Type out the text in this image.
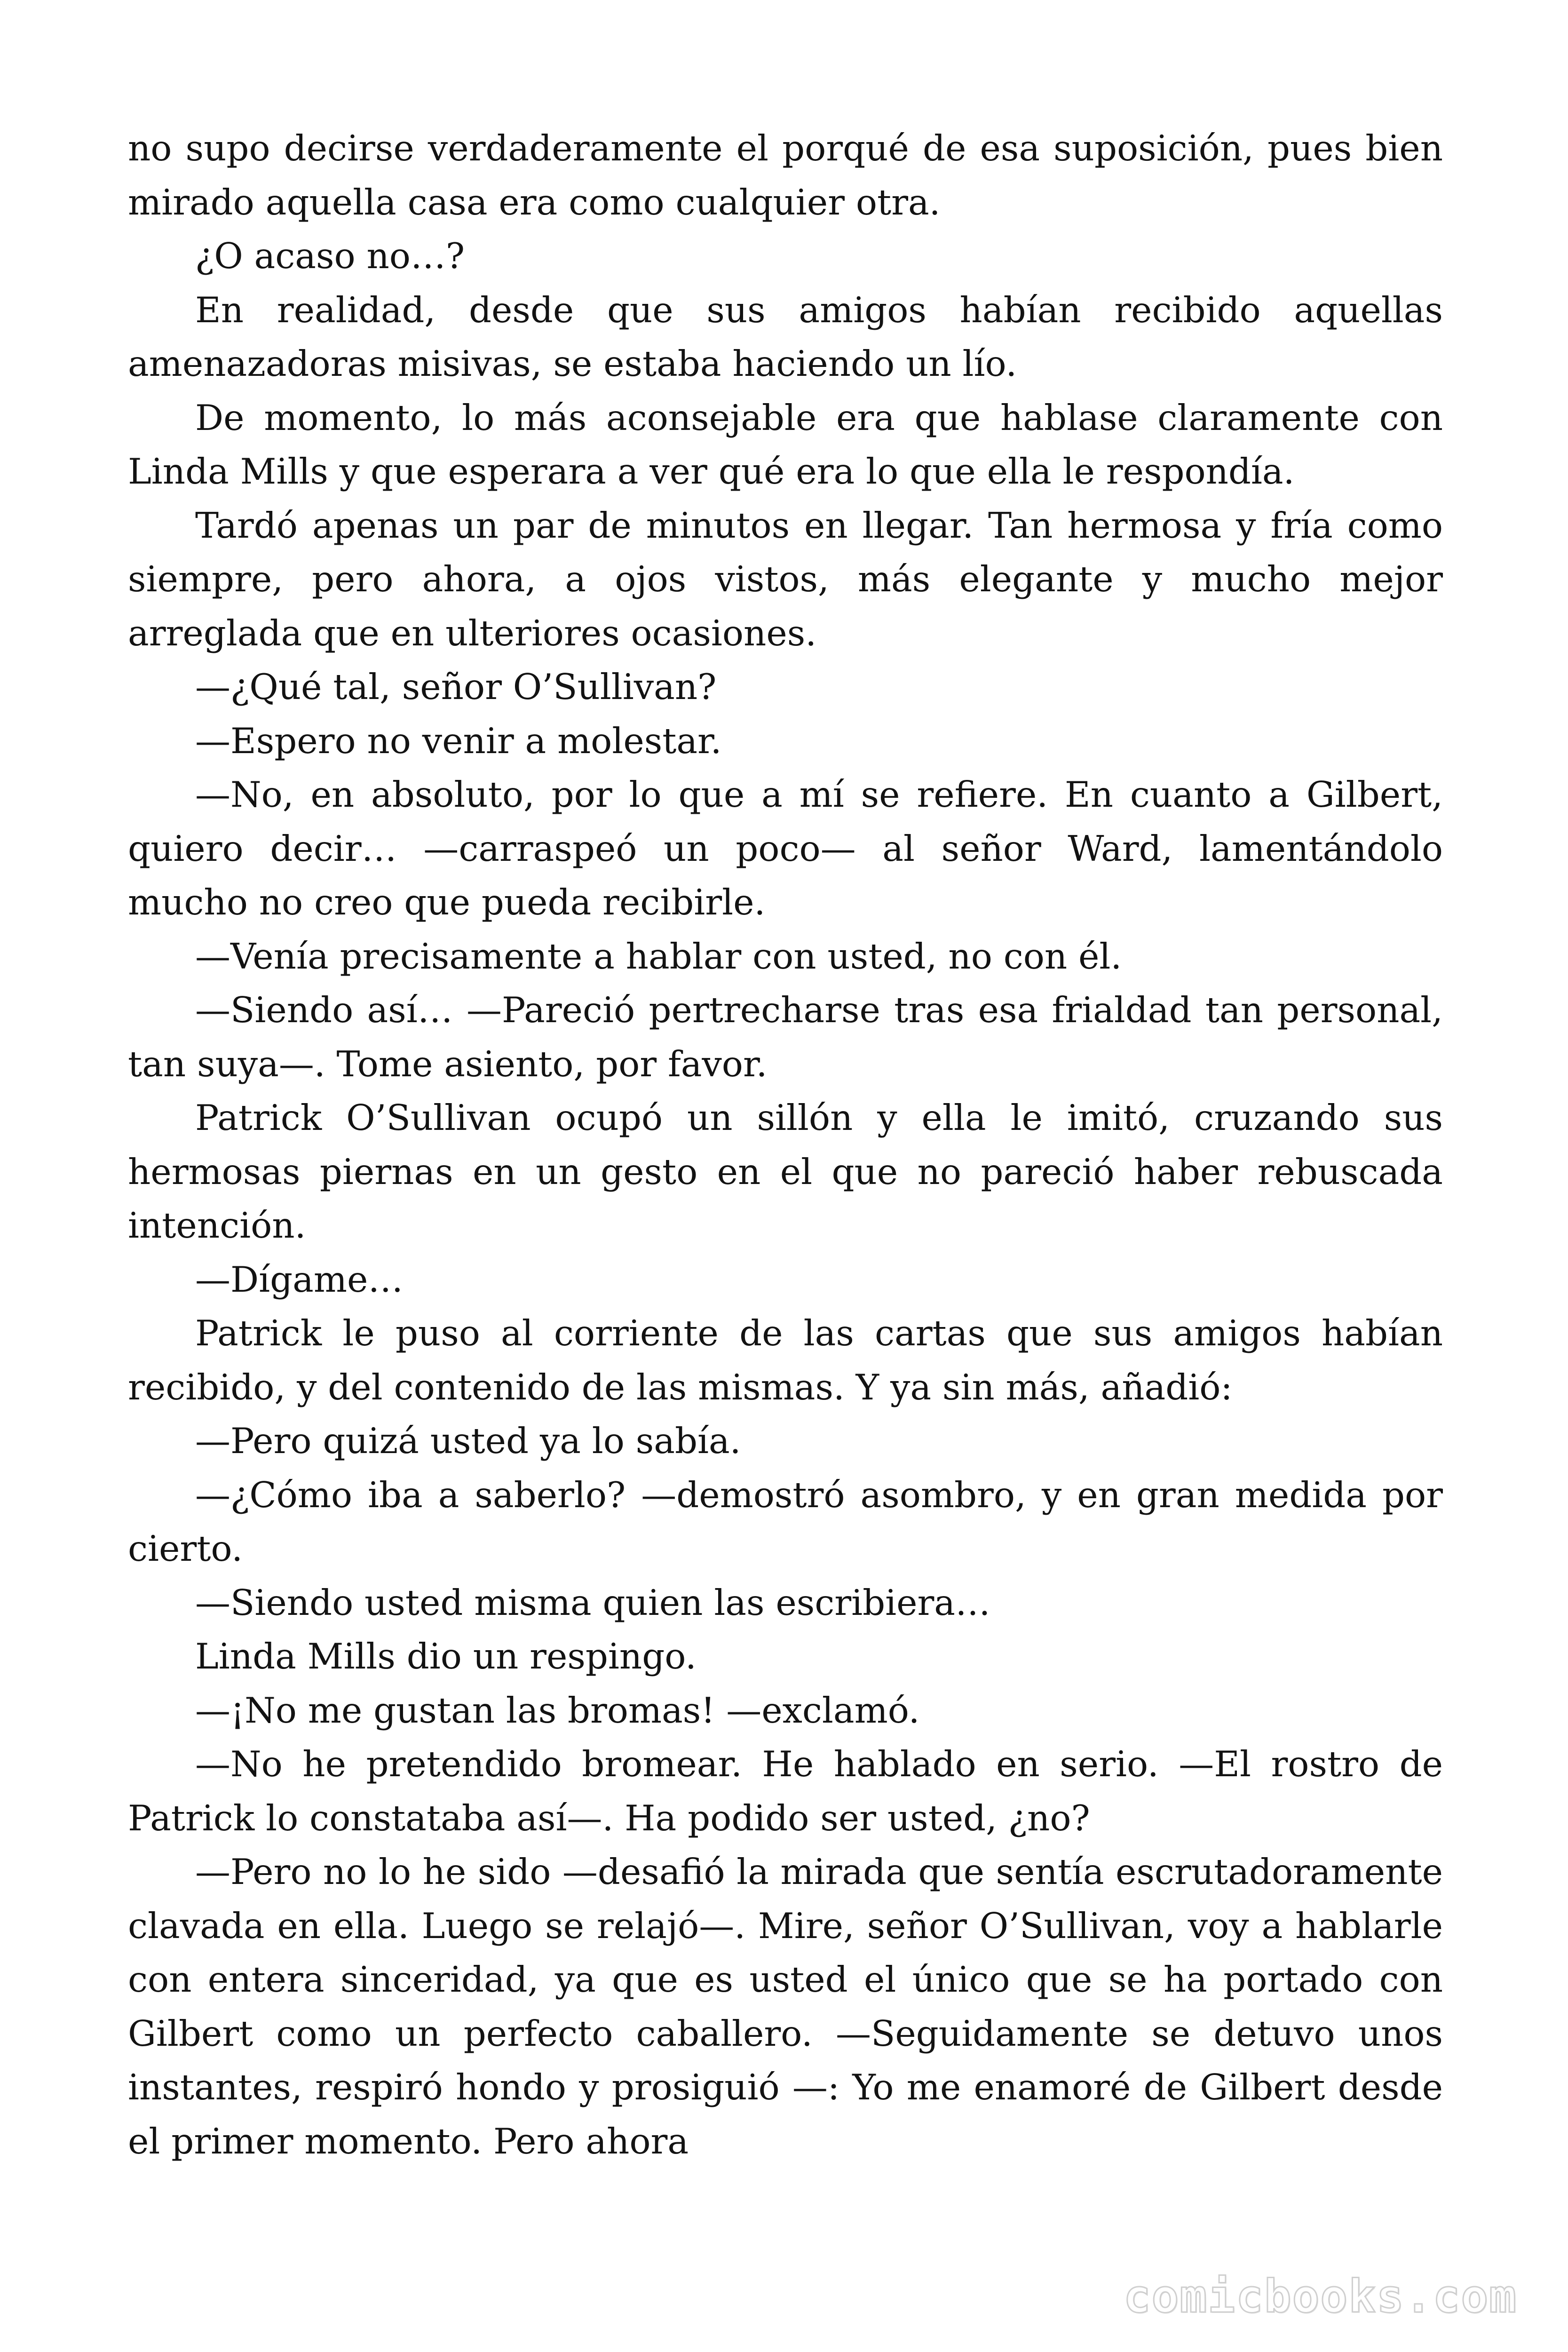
no supo decirse verdaderamente el porqué de esa suposición, pues bien mirado aquella casa era como cualquier otra.

¿O acaso no…?

En realidad, desde que sus amigos habían recibido aquellas amenazadoras misivas, se estaba haciendo un lío.

De momento, lo más aconsejable era que hablase claramente con Linda Mills y que esperara a ver qué era lo que ella le respondía.

Tardó apenas un par de minutos en llegar. Tan hermosa y fría como siempre, pero ahora, a ojos vistos, más elegante y mucho mejor arreglada que en ulteriores ocasiones.

—¿Qué tal, señor O’Sullivan?

—Espero no venir a molestar.

—No, en absoluto, por lo que a mí se refiere. En cuanto a Gilbert, quiero decir… —carraspeó un poco— al señor Ward, lamentándolo mucho no creo que pueda recibirle.

—Venía precisamente a hablar con usted, no con él.

—Siendo así… —Pareció pertrecharse tras esa frialdad tan personal, tan suya—. Tome asiento, por favor.

Patrick O’Sullivan ocupó un sillón y ella le imitó, cruzando sus hermosas piernas en un gesto en el que no pareció haber rebuscada intención.

—Dígame…

Patrick le puso al corriente de las cartas que sus amigos habían recibido, y del contenido de las mismas. Y ya sin más, añadió:

—Pero quizá usted ya lo sabía.

—¿Cómo iba a saberlo? —demostró asombro, y en gran medida por cierto.

—Siendo usted misma quien las escribiera…

Linda Mills dio un respingo.

—¡No me gustan las bromas! —exclamó.

—No he pretendido bromear. He hablado en serio. —El rostro de Patrick lo constataba así—. Ha podido ser usted, ¿no?

—Pero no lo he sido —desafió la mirada que sentía escrutadoramente clavada en ella. Luego se relajó—. Mire, señor O’Sullivan, voy a hablarle con entera sinceridad, ya que es usted el único que se ha portado con Gilbert como un perfecto caballero. —Seguidamente se detuvo unos instantes, respiró hondo y prosiguió —: Yo me enamoré de Gilbert desde el primer momento. Pero ahora

comicbooks.com
